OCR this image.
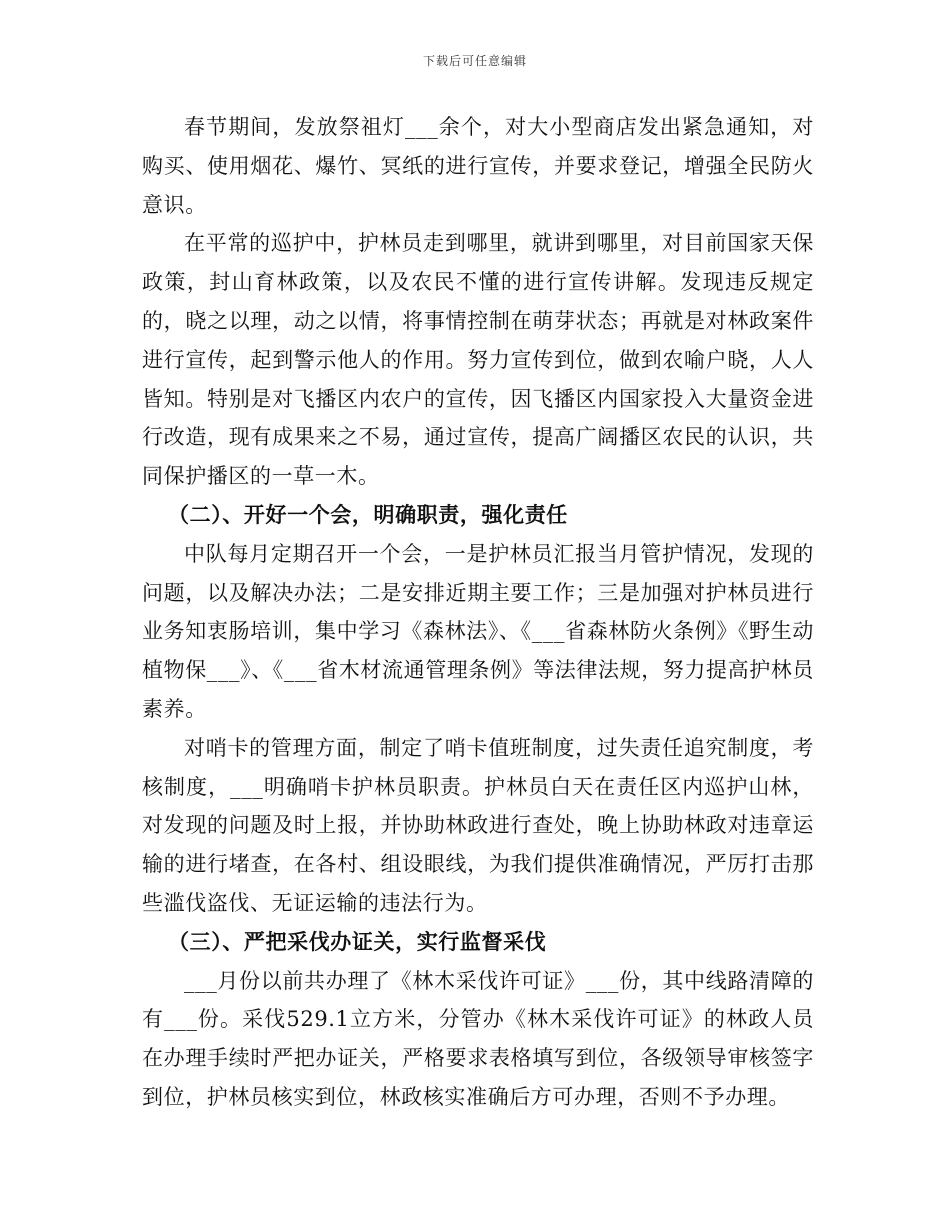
下载后可任意编辑

春节期间，发放祭祖灯___余个，对大小型商店发出紧急通知，对购买、使用烟花、爆竹、冥纸的进行宣传，并要求登记，增强全民防火意识。

在平常的巡护中，护林员走到哪里，就讲到哪里，对目前国家天保政策，封山育林政策，以及农民不懂的进行宣传讲解。发现违反规定的，晓之以理，动之以情，将事情控制在萌芽状态；再就是对林政案件进行宣传，起到警示他人的作用。努力宣传到位，做到农喻户晓，人人皆知。特别是对飞播区内农户的宣传，因飞播区内国家投入大量资金进行改造，现有成果来之不易，通过宣传，提高广阔播区农民的认识，共同保护播区的一草一木。

（二）、开好一个会，明确职责，强化责任

中队每月定期召开一个会，一是护林员汇报当月管护情况，发现的问题，以及解决办法；二是安排近期主要工作；三是加强对护林员进行业务知衷肠培训，集中学习《森林法》、《___省森林防火条例》《野生动植物保___》、《___省木材流通管理条例》等法律法规，努力提高护林员素养。

对哨卡的管理方面，制定了哨卡值班制度，过失责任追究制度，考核制度，___明确哨卡护林员职责。护林员白天在责任区内巡护山林，对发现的问题及时上报，并协助林政进行查处，晚上协助林政对违章运输的进行堵查，在各村、组设眼线，为我们提供准确情况，严厉打击那些滥伐盗伐、无证运输的违法行为。

（三）、严把采伐办证关，实行监督采伐

___月份以前共办理了《林木采伐许可证》___份，其中线路清障的有___份。采伐529.1立方米，分管办《林木采伐许可证》的林政人员在办理手续时严把办证关，严格要求表格填写到位，各级领导审核签字到位，护林员核实到位，林政核实准确后方可办理，否则不予办理。
